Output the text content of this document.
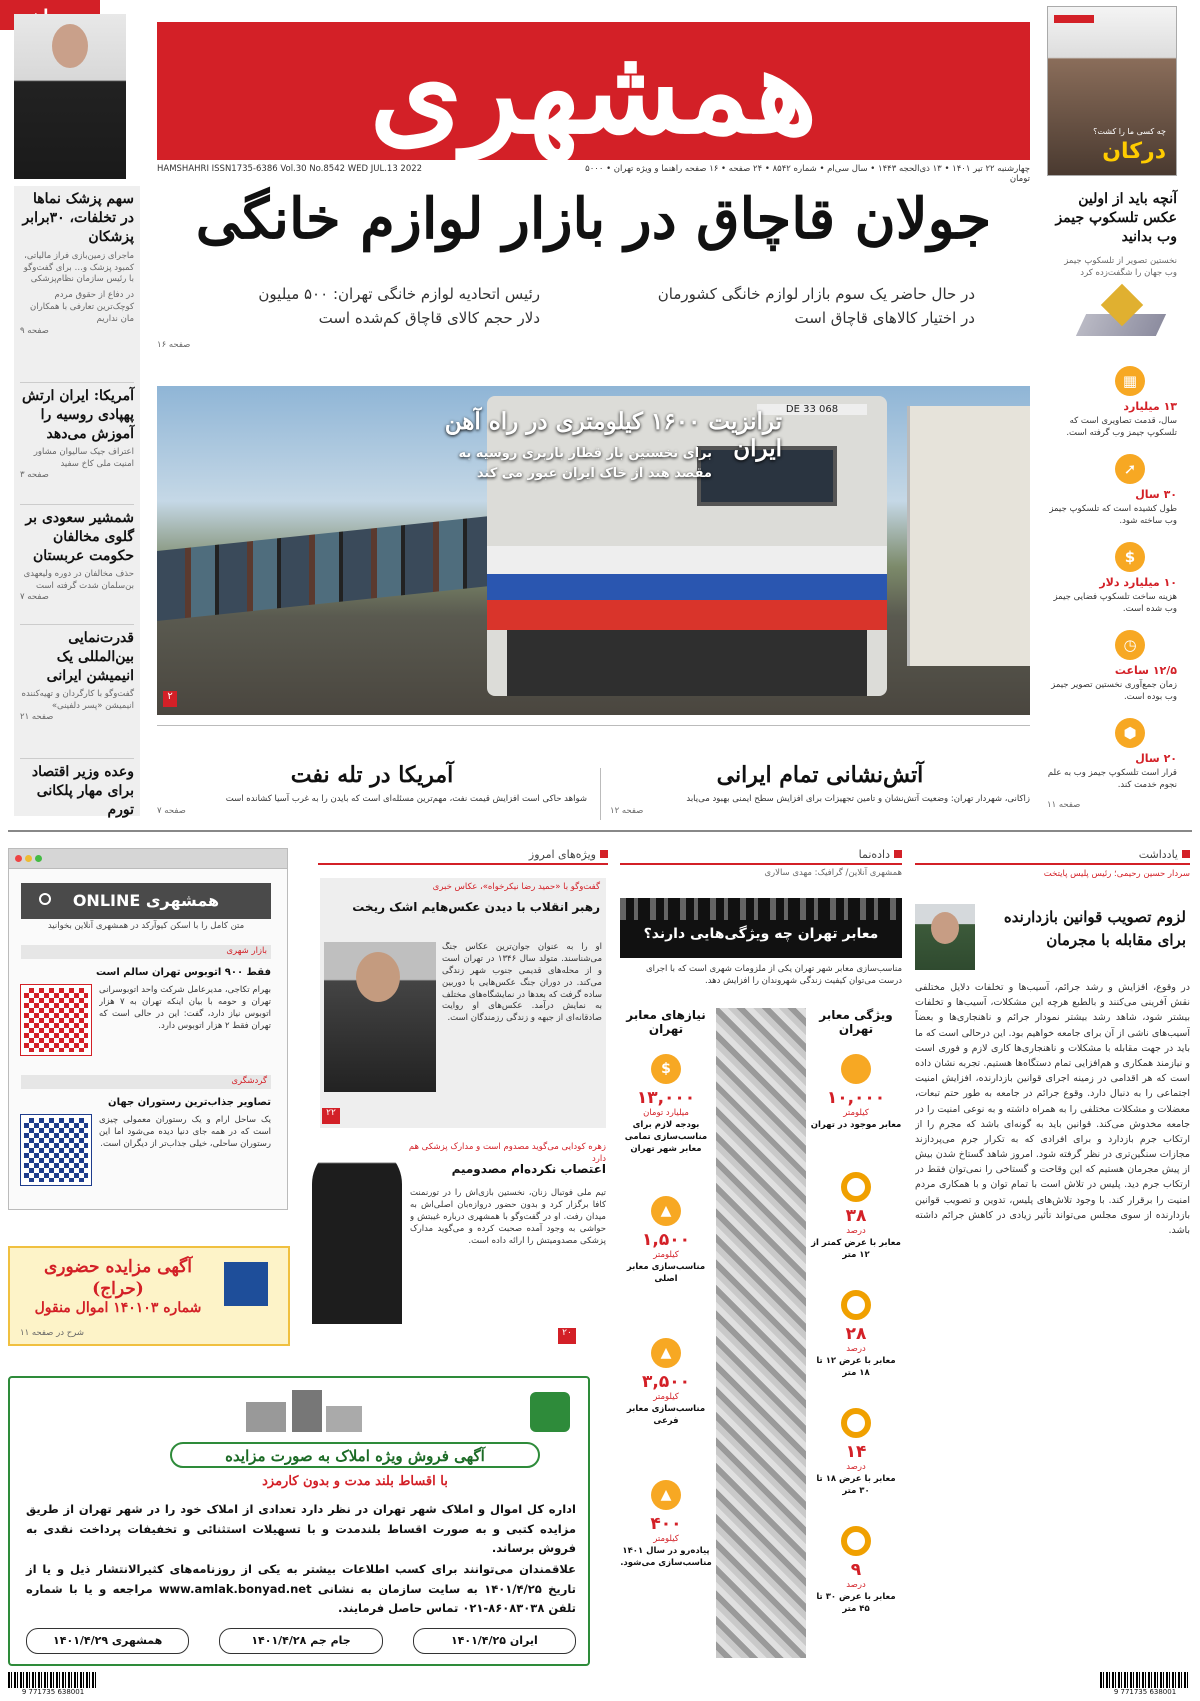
همشهری
چهارشنبه ۲۲ تیر ۱۴۰۱ • ۱۳ ذی‌الحجه ۱۴۴۳ • سال سی‌ام • شماره ۸۵۴۲ • ۲۴ صفحه • ۱۶ صفحه راهنما و ویژه تهران • ۵۰۰۰ تومان
HAMSHAHRI ISSN1735-6386 Vol.30 No.8542 WED JUL.13 2022
چه کسی ما را کشت؟
درکان
جولان قاچاق در بازار لوازم خانگی
در حال حاضر یک سوم بازار لوازم خانگی کشورمان در اختیار کالاهای قاچاق است
رئیس اتحادیه لوازم خانگی تهران: ۵۰۰ میلیون دلار حجم کالای قاچاق کم‌شده است
صفحه ۱۶
DE 33 068
ترانزیت ۱۶۰۰ کیلومتری در راه آهن ایران
برای نخستین بار قطار باربری روسیه به مقصد هند از خاک ایران عبور می کند
۲
سهم پزشک نماها در تخلفات، ۳۰برابر پزشکان
ماجرای زمین‌بازی فراز مالیاتی، کمبود پزشک و… برای گفت‌وگو با رئیس سازمان نظام‌پزشکی
در دفاع از حقوق مردم کوچک‌ترین تعارفی با همکاران مان نداریم
صفحه ۹
آمریکا: ایران ارتش پهپادی روسیه را آموزش می‌دهد
اعتراف جیک سالیوان مشاور امنیت ملی کاخ سفید
صفحه ۳
شمشیر سعودی بر گلوی مخالفان حکومت عربستان
حذف مخالفان در دوره ولیعهدی بن‌سلمان شدت گرفته است
صفحه ۷
قدرت‌نمایی بین‌المللی یک انیمیشن ایرانی
گفت‌وگو با کارگردان و تهیه‌کننده انیمیشن «پسر دلفینی»
صفحه ۲۱
وعده وزیر اقتصاد برای مهار پلکانی تورم
آنچه باید از اولین عکس تلسکوپ جیمز وب بدانید
نخستین تصویر از تلسکوپ جیمز وب جهان را شگفت‌زده کرد
▦
۱۳ میلیارد
سال، قدمت تصاویری است که تلسکوپ جیمز وب گرفته است.
➚
۳۰ سال
طول کشیده است که تلسکوپ جیمز وب ساخته شود.
$
۱۰ میلیارد دلار
هزینه ساخت تلسکوپ فضایی جیمز وب شده است.
◷
۱۲/۵ ساعت
زمان جمع‌آوری نخستین تصویر جیمز وب بوده است.
⬢
۲۰ سال
قرار است تلسکوپ جیمز وب به علم نجوم خدمت کند.
صفحه ۱۱
آتش‌نشانی تمام ایرانی
زاکانی، شهردار تهران: وضعیت آتش‌نشان و تامین تجهیزات برای افزایش سطح ایمنی بهبود می‌یابد
صفحه ۱۲
آمریکا در تله نفت
شواهد حاکی است افزایش قیمت نفت، مهم‌ترین مسئله‌ای است که بایدن را به غرب آسیا کشانده است
صفحه ۷
یادداشت
سردار حسین رحیمی؛ رئیس پلیس پایتخت
لزوم تصویب قوانین بازدارنده برای مقابله با مجرمان
در وقوع، افزایش و رشد جرائم، آسیب‌ها و تخلفات دلایل مختلفی نقش آفرینی می‌کنند و بالطبع هرچه این مشکلات، آسیب‌ها و تخلفات بیشتر شود، شاهد رشد بیشتر نمودار جرائم و ناهنجاری‌ها و بعضاً آسیب‌های ناشی از آن برای جامعه خواهیم بود. این درحالی است که ما باید در جهت مقابله با مشکلات و ناهنجاری‌ها کاری لازم و فوری است و نیازمند همکاری و هم‌افزایی تمام دستگاه‌ها هستیم. تجربه نشان داده است که هر اقدامی در زمینه اجرای قوانین بازدارنده، افزایش امنیت اجتماعی را به دنبال دارد. وقوع جرائم در جامعه به طور حتم تبعات، معضلات و مشکلات مختلفی را به همراه داشته و به نوعی امنیت را در جامعه مخدوش می‌کند. قوانین باید به گونه‌ای باشد که مجرم را از ارتکاب جرم بازدارد و برای افرادی که به تکرار جرم می‌پردازند مجازات سنگین‌تری در نظر گرفته شود. امروز شاهد گستاخ شدن بیش از پیش مجرمان هستیم که این وقاحت و گستاخی را نمی‌توان فقط در ارتکاب جرم دید. پلیس در تلاش است با تمام توان و با همکاری مردم امنیت را برقرار کند. با وجود تلاش‌های پلیس، تدوین و تصویب قوانین بازدارنده از سوی مجلس می‌تواند تأثیر زیادی در کاهش جرائم داشته باشد.
داده‌نما
همشهری آنلاین/ گرافیک: مهدی سالاری
معابر تهران چه ویژگی‌هایی دارند؟
مناسب‌سازی معابر شهر تهران یکی از ملزومات شهری است که با اجرای درست می‌توان کیفیت زندگی شهروندان را افزایش دهد.
ویژگی معابر تهران
نیازهای معابر تهران
۱۰,۰۰۰
کیلومتر
معابر موجود در تهران
۳۸
درصد
معابر با عرض کمتر از ۱۲ متر
۲۸
درصد
معابر با عرض ۱۲ تا ۱۸ متر
۱۴
درصد
معابر با عرض ۱۸ تا ۳۰ متر
۹
درصد
معابر با عرض ۳۰ تا ۴۵ متر
$
۱۳,۰۰۰
میلیارد تومان
بودجه لازم برای مناسب‌سازی تمامی معابر شهر تهران
▲
۱,۵۰۰
کیلومتر
مناسب‌سازی معابر اصلی
▲
۳,۵۰۰
کیلومتر
مناسب‌سازی معابر فرعی
▲
۴۰۰
کیلومتر
پیاده‌رو در سال ۱۴۰۱ مناسب‌سازی می‌شود.
ویژه‌های امروز
گفت‌وگو با «حمید رضا نیکرخواه»، عکاس خبری
رهبر انقلاب با دیدن عکس‌هایم اشک ریخت
او را به عنوان جوان‌ترین عکاس جنگ می‌شناسند. متولد سال ۱۳۴۶ در تهران است و از محله‌های قدیمی جنوب شهر زندگی می‌کند. در دوران جنگ عکس‌هایی با دوربین ساده گرفت که بعدها در نمایشگاه‌های مختلف به نمایش درآمد. عکس‌های او روایت صادقانه‌ای از جبهه و زندگی رزمندگان است.
۲۲
زهره کودایی می‌گوید مصدوم است و مدارک پزشکی هم دارد
اعتصاب نکرده‌ام مصدومیم
تیم ملی فوتبال زنان، نخستین بازی‌اش را در تورنمنت کافا برگزار کرد و بدون حضور دروازه‌بان اصلی‌اش به میدان رفت. او در گفت‌وگو با همشهری درباره غیبتش و حواشی به وجود آمده صحبت کرده و می‌گوید مدارک پزشکی مصدومیتش را ارائه داده است.
۲۰
همشهری ONLINE
متن کامل را با اسکن کیوآرکد در همشهری آنلاین بخوانید
بازار شهری
فقط ۹۰۰ اتوبوس تهران سالم است
بهرام تکاجی، مدیرعامل شرکت واحد اتوبوسرانی تهران و حومه با بیان اینکه تهران به ۷ هزار اتوبوس نیاز دارد، گفت: این در حالی است که تهران فقط ۲ هزار اتوبوس دارد.
گردشگری
تصاویر جذاب‌ترین رستوران جهان
یک ساحل آرام و یک رستوران معمولی چیزی است که در همه جای دنیا دیده می‌شود اما این رستوران ساحلی، خیلی جذاب‌تر از دیگران است.
آگهی مزایده حضوری (حراج)
شماره ۱۴۰۱۰۳ اموال منقول
شرح در صفحه ۱۱
آگهی فروش ویژه املاک به صورت مزایده
با اقساط بلند مدت و بدون کارمزد
اداره کل اموال و املاک شهر تهران در نظر دارد تعدادی از املاک خود را در شهر تهران از طریق مزایده کتبی و به صورت اقساط بلندمدت و با تسهیلات استثنائی و تخفیفات پرداخت نقدی به فروش برساند.
علاقمندان می‌توانند برای کسب اطلاعات بیشتر به یکی از روزنامه‌های کثیرالانتشار ذیل و یا از تاریخ ۱۴۰۱/۴/۲۵ به سایت سازمان به نشانی www.amlak.bonyad.net مراجعه و یا با شماره تلفن ۸۶۰۸۳۰۳۸-۰۲۱ تماس حاصل فرمایند.
ایران ۱۴۰۱/۴/۲۵
جام جم ۱۴۰۱/۴/۲۸
همشهری ۱۴۰۱/۴/۲۹
9 771735 638001	9 771735 638001
